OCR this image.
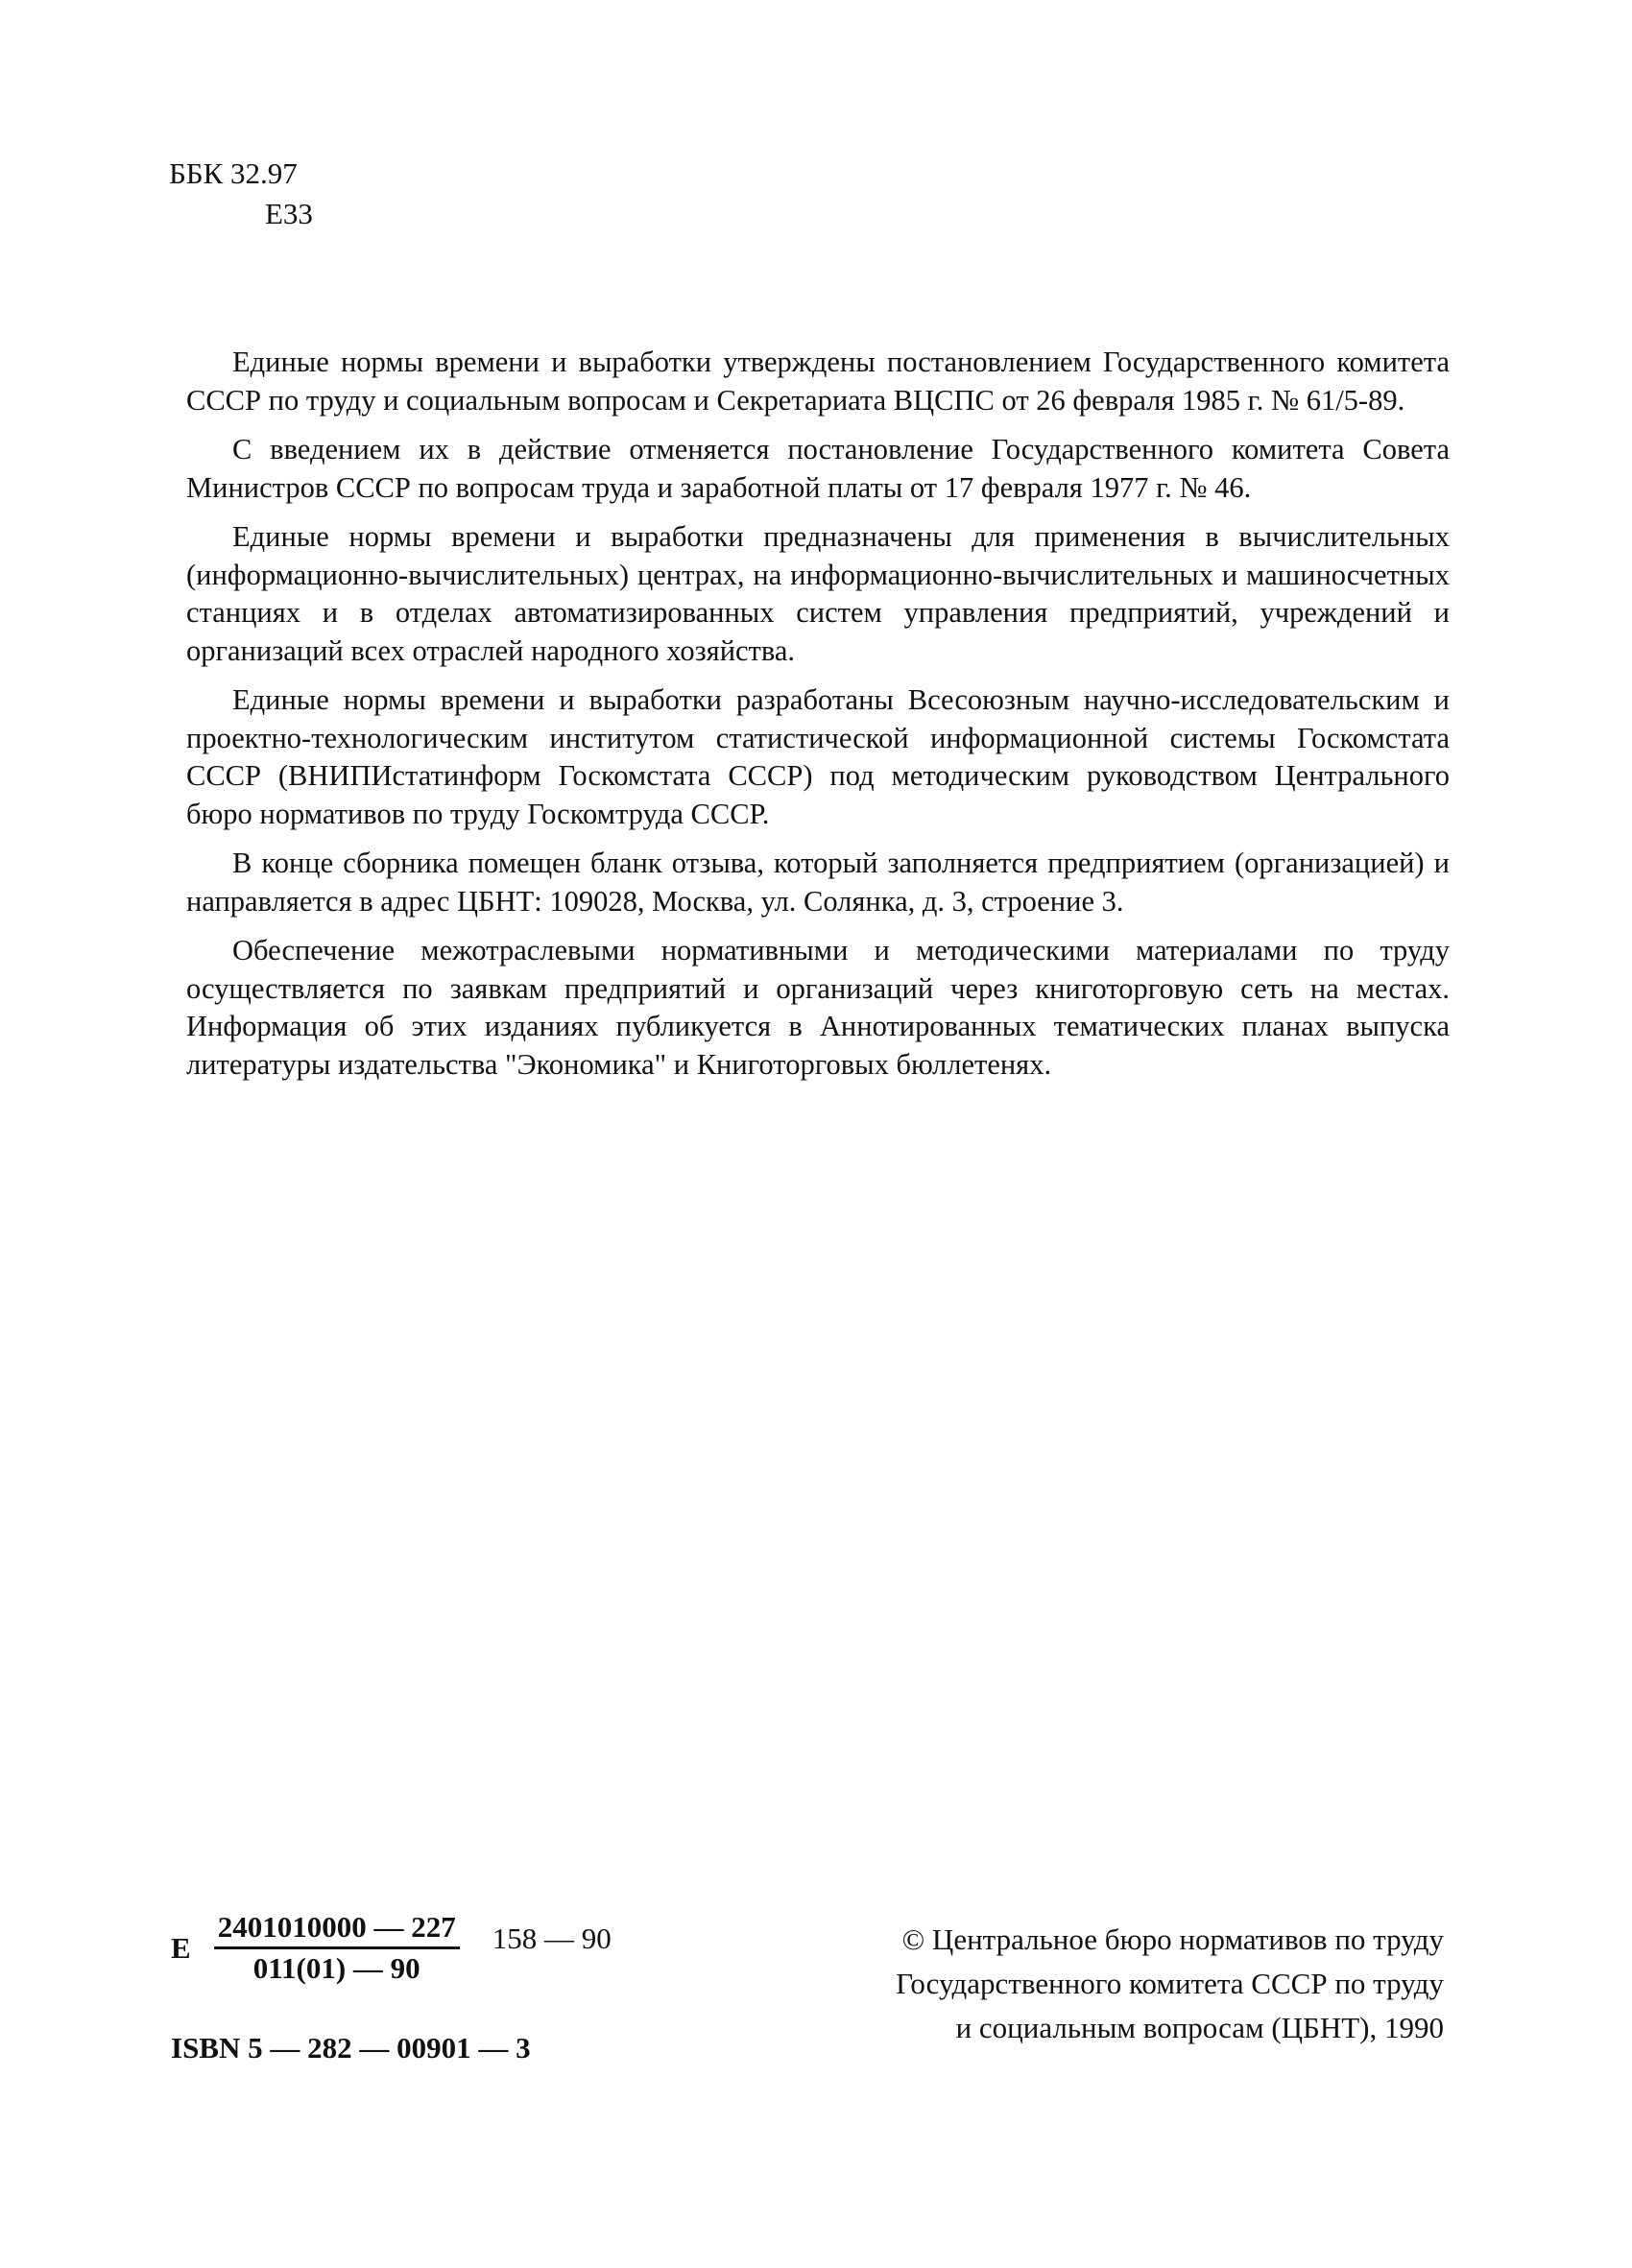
ББК 32.97
Е33

Единые нормы времени и выработки утверждены постановлением Государственного комитета СССР по труду и социальным вопросам и Секретариата ВЦСПС от 26 февраля 1985 г. № 61/5-89.

С введением их в действие отменяется постановление Государственного комитета Совета Министров СССР по вопросам труда и заработной платы от 17 февраля 1977 г. № 46.

Единые нормы времени и выработки предназначены для применения в вычислительных (информационно-вычислительных) центрах, на информационно-вычислительных и машиносчетных станциях и в отделах автоматизированных систем управления предприятий, учреждений и организаций всех отраслей народного хозяйства.

Единые нормы времени и выработки разработаны Всесоюзным научно-исследовательским и проектно-технологическим институтом статистической информационной системы Госкомстата СССР (ВНИПИстатинформ Госкомстата СССР) под методическим руководством Центрального бюро нормативов по труду Госкомтруда СССР.

В конце сборника помещен бланк отзыва, который заполняется предприятием (организацией) и направляется в адрес ЦБНТ: 109028, Москва, ул. Солянка, д. 3, строение 3.

Обеспечение межотраслевыми нормативными и методическими материалами по труду осуществляется по заявкам предприятий и организаций через книготорговую сеть на местах. Информация об этих изданиях публикуется в Аннотированных тематических планах выпуска литературы издательства "Экономика" и Книготорговых бюллетенях.

Е $\frac{2401010000 — 227}{011(01) — 90} 158$ — 90
ISBN 5 — 282 — 00901 — 3
© Центральное бюро нормативов по труду
Государственного комитета СССР по труду
и социальным вопросам (ЦБНТ), 1990
